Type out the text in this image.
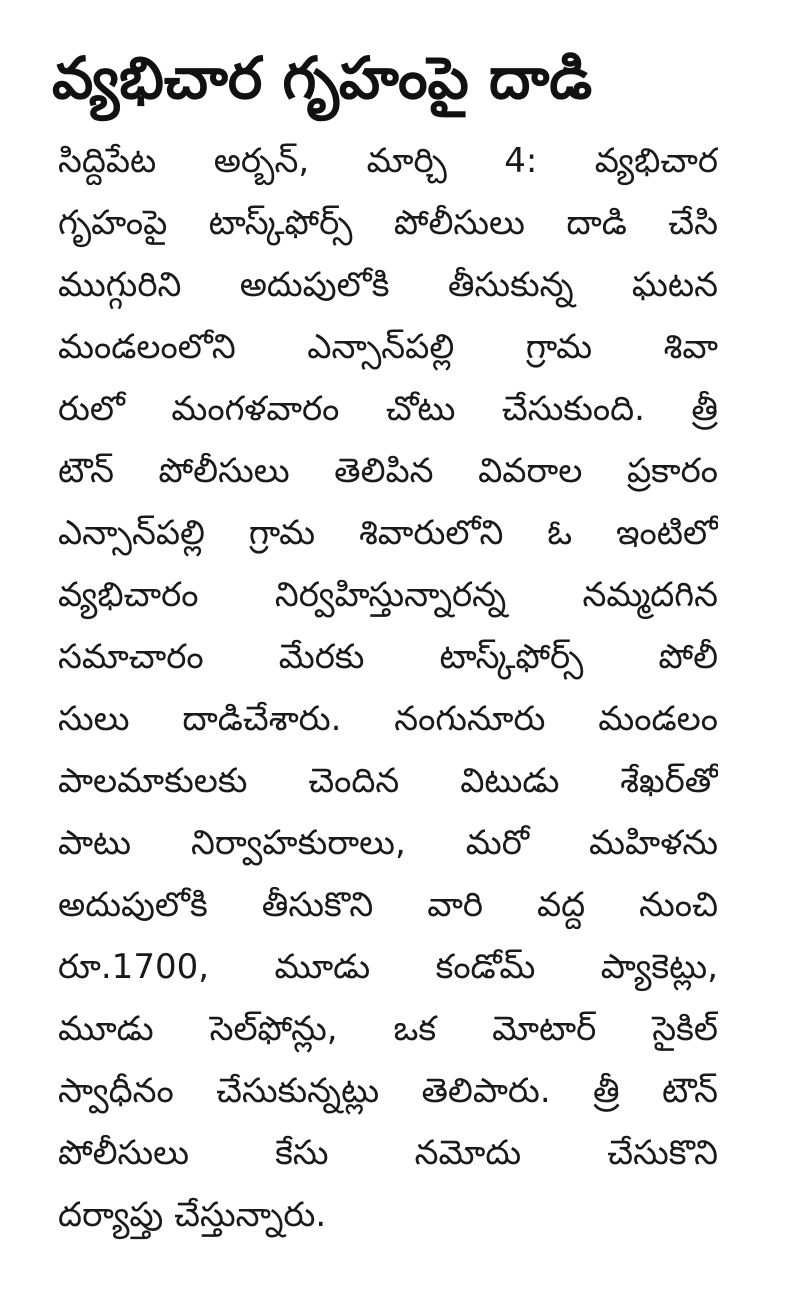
వ్యభిచార గృహంపై దాడి
సిద్దిపేట అర్బన్, మార్చి 4: వ్యభిచార
గృహంపై టాస్క్‌ఫోర్స్ పోలీసులు దాడి చేసి
ముగ్గురిని అదుపులోకి తీసుకున్న ఘటన
మండలంలోని ఎన్సాన్‌పల్లి గ్రామ శివా
రులో మంగళవారం చోటు చేసుకుంది. త్రీ
టౌన్ పోలీసులు తెలిపిన వివరాల ప్రకారం
ఎన్సాన్‌పల్లి గ్రామ శివారులోని ఓ ఇంటిలో
వ్యభిచారం నిర్వహిస్తున్నారన్న నమ్మదగిన
సమాచారం మేరకు టాస్క్‌ఫోర్స్ పోలీ
సులు దాడిచేశారు. నంగునూరు మండలం
పాలమాకులకు చెందిన విటుడు శేఖర్‌తో
పాటు నిర్వాహకురాలు, మరో మహిళను
అదుపులోకి తీసుకొని వారి వద్ద నుంచి
రూ.1700, మూడు కండోమ్ ప్యాకెట్లు,
మూడు సెల్‌ఫోన్లు, ఒక మోటార్ సైకిల్
స్వాధీనం చేసుకున్నట్లు తెలిపారు. త్రీ టౌన్
పోలీసులు కేసు నమోదు చేసుకొని
దర్యాప్తు చేస్తున్నారు.
